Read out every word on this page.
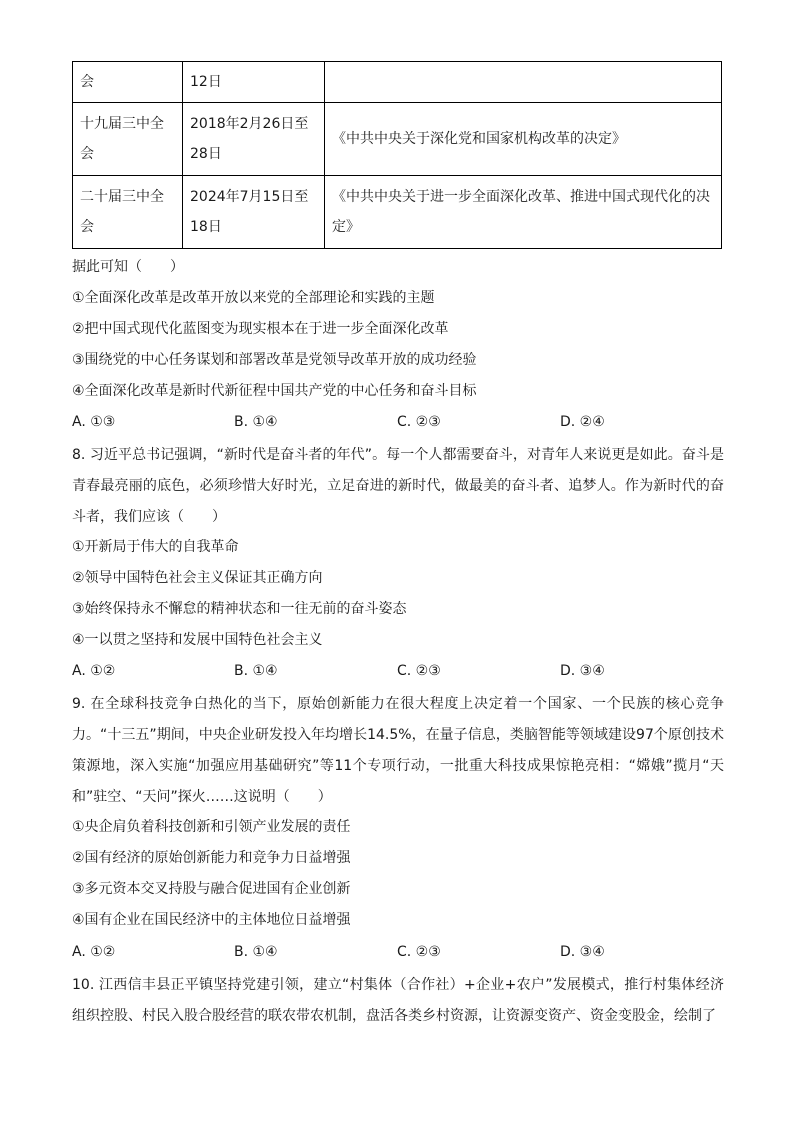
会	12日	
十九届三中全会	2018年2月26日至28日	《中共中央关于深化党和国家机构改革的决定》
二十届三中全会	2024年7月15日至18日	《中共中央关于进一步全面深化改革、推进中国式现代化的决定》
据此可知（　　）
①全面深化改革是改革开放以来党的全部理论和实践的主题
②把中国式现代化蓝图变为现实根本在于进一步全面深化改革
③围绕党的中心任务谋划和部署改革是党领导改革开放的成功经验
④全面深化改革是新时代新征程中国共产党的中心任务和奋斗目标
A. ①③	B. ①④	C. ②③	D. ②④
8. 习近平总书记强调，“新时代是奋斗者的年代”。每一个人都需要奋斗，对青年人来说更是如此。奋斗是青春最亮丽的底色，必须珍惜大好时光，立足奋进的新时代，做最美的奋斗者、追梦人。作为新时代的奋斗者，我们应该（　　）
①开新局于伟大的自我革命
②领导中国特色社会主义保证其正确方向
③始终保持永不懈怠的精神状态和一往无前的奋斗姿态
④一以贯之坚持和发展中国特色社会主义
A. ①②	B. ①④	C. ②③	D. ③④
9. 在全球科技竞争白热化的当下，原始创新能力在很大程度上决定着一个国家、一个民族的核心竞争力。“十三五”期间，中央企业研发投入年均增长14.5%，在量子信息，类脑智能等领域建设97个原创技术策源地，深入实施“加强应用基础研究”等11个专项行动，一批重大科技成果惊艳亮相：“嫦娥”揽月“天和”驻空、“天问”探火……这说明（　　）
①央企肩负着科技创新和引领产业发展的责任
②国有经济的原始创新能力和竞争力日益增强
③多元资本交叉持股与融合促进国有企业创新
④国有企业在国民经济中的主体地位日益增强
A. ①②	B. ①④	C. ②③	D. ③④
10. 江西信丰县正平镇坚持党建引领，建立“村集体（合作社）+企业+农户”发展模式，推行村集体经济组织控股、村民入股合股经营的联农带农机制，盘活各类乡村资源，让资源变资产、资金变股金，绘制了
